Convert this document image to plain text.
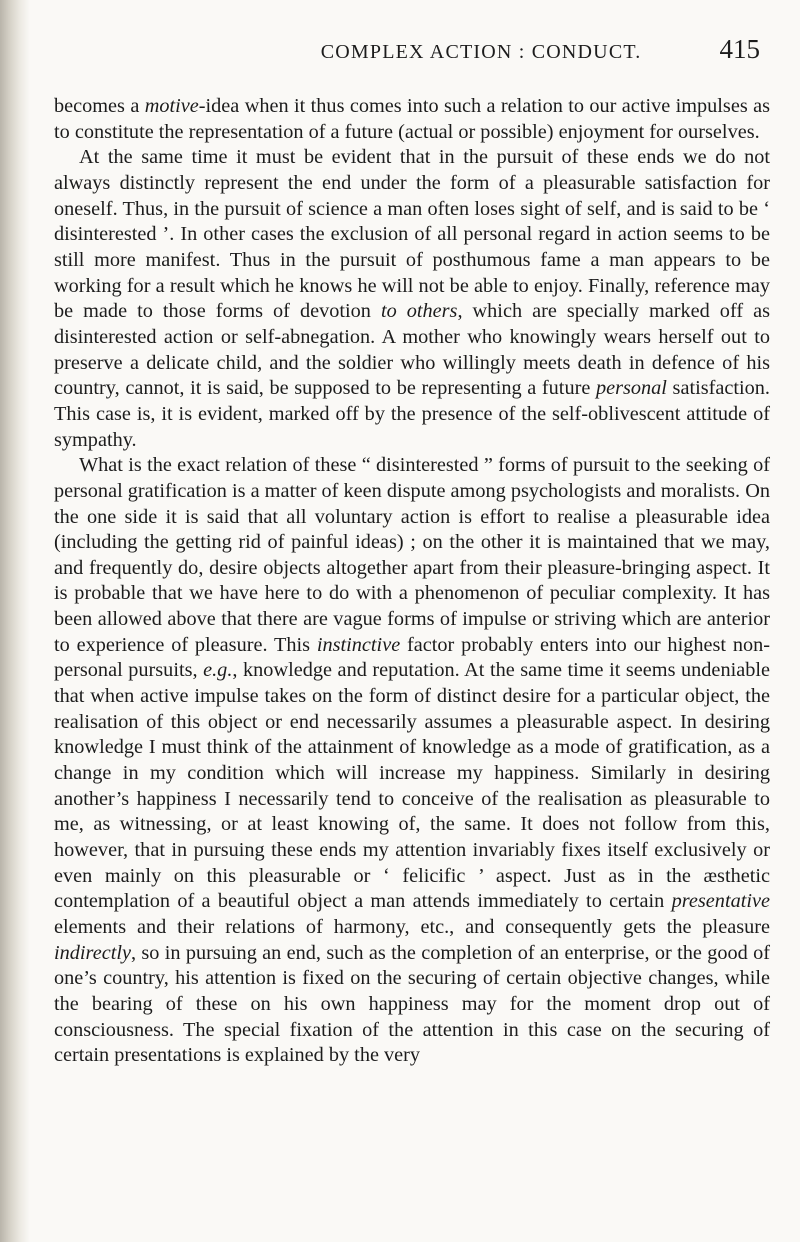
COMPLEX ACTION : CONDUCT.	415

becomes a motive-idea when it thus comes into such a relation to our active impulses as to constitute the representation of a future (actual or possible) enjoyment for ourselves.

At the same time it must be evident that in the pursuit of these ends we do not always distinctly represent the end under the form of a pleasurable satisfaction for oneself. Thus, in the pursuit of science a man often loses sight of self, and is said to be ‘ disinterested ’. In other cases the exclusion of all personal regard in action seems to be still more manifest. Thus in the pursuit of posthumous fame a man appears to be working for a result which he knows he will not be able to enjoy. Finally, reference may be made to those forms of devotion to others, which are specially marked off as disinterested action or self-abnegation. A mother who knowingly wears herself out to preserve a delicate child, and the soldier who willingly meets death in defence of his country, cannot, it is said, be supposed to be representing a future personal satisfaction. This case is, it is evident, marked off by the presence of the self-oblivescent attitude of sympathy.

What is the exact relation of these “ disinterested ” forms of pursuit to the seeking of personal gratification is a matter of keen dispute among psychologists and moralists. On the one side it is said that all voluntary action is effort to realise a pleasurable idea (including the getting rid of painful ideas) ; on the other it is maintained that we may, and frequently do, desire objects altogether apart from their pleasure-bringing aspect. It is probable that we have here to do with a phenomenon of peculiar complexity. It has been allowed above that there are vague forms of impulse or striving which are anterior to experience of pleasure. This instinctive factor probably enters into our highest non-personal pursuits, e.g., knowledge and reputation. At the same time it seems undeniable that when active impulse takes on the form of distinct desire for a particular object, the realisation of this object or end necessarily assumes a pleasurable aspect. In desiring knowledge I must think of the attainment of knowledge as a mode of gratification, as a change in my condition which will increase my happiness. Similarly in desiring another’s happiness I necessarily tend to conceive of the realisation as pleasurable to me, as witnessing, or at least knowing of, the same. It does not follow from this, however, that in pursuing these ends my attention invariably fixes itself exclusively or even mainly on this pleasurable or ‘ felicific ’ aspect. Just as in the æsthetic contemplation of a beautiful object a man attends immediately to certain presentative elements and their relations of harmony, etc., and consequently gets the pleasure indirectly, so in pursuing an end, such as the completion of an enterprise, or the good of one’s country, his attention is fixed on the securing of certain objective changes, while the bearing of these on his own happiness may for the moment drop out of consciousness. The special fixation of the attention in this case on the securing of certain presentations is explained by the very
